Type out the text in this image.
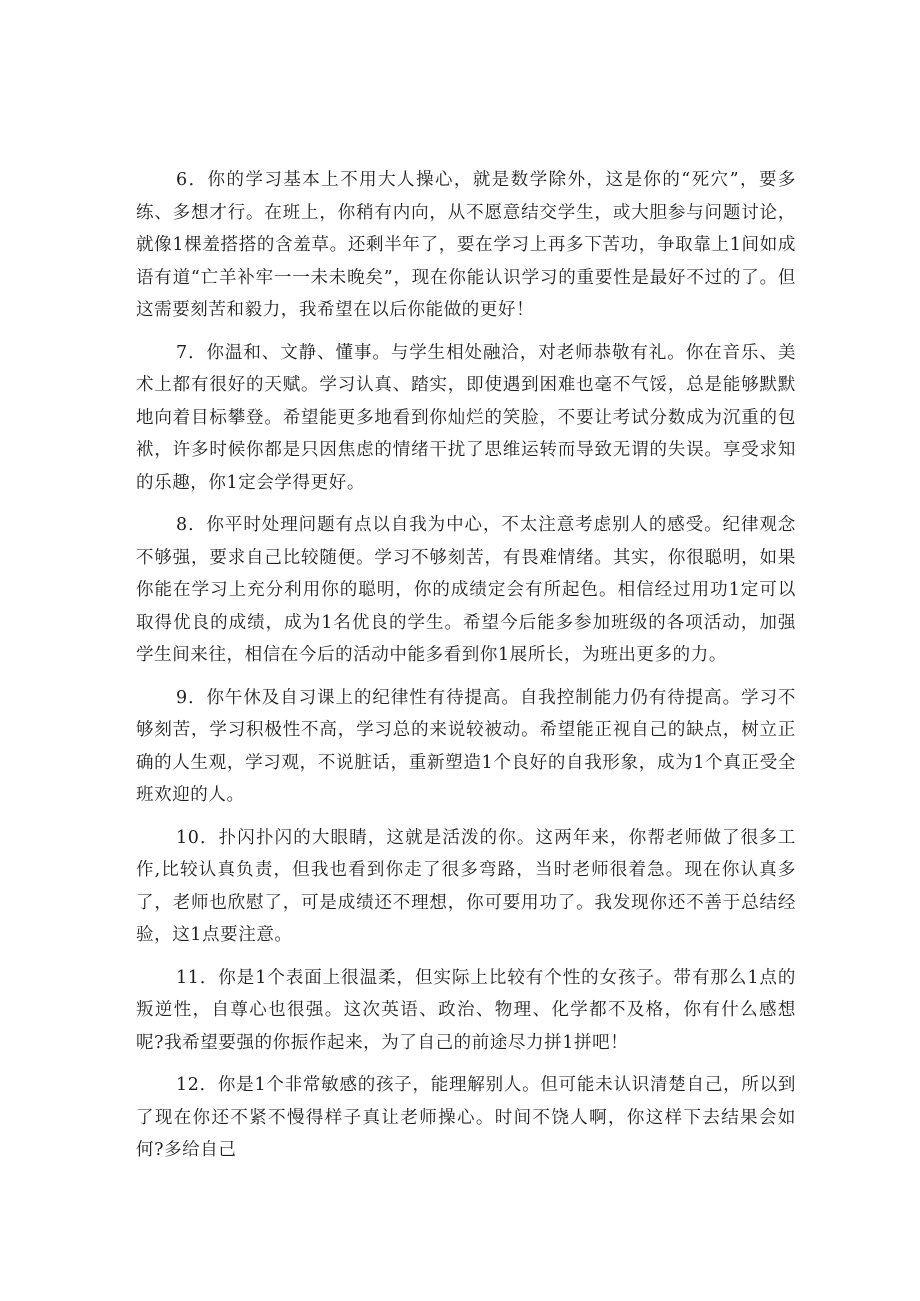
6．你的学习基本上不用大人操心，就是数学除外，这是你的“死穴”，要多练、多想才行。在班上，你稍有内向，从不愿意结交学生，或大胆参与问题讨论，就像1棵羞搭搭的含羞草。还剩半年了，要在学习上再多下苦功，争取靠上1间如成语有道“亡羊补牢一一未未晚矣”，现在你能认识学习的重要性是最好不过的了。但这需要刻苦和毅力，我希望在以后你能做的更好！

7．你温和、文静、懂事。与学生相处融洽，对老师恭敬有礼。你在音乐、美术上都有很好的天赋。学习认真、踏实，即使遇到困难也毫不气馁，总是能够默默地向着目标攀登。希望能更多地看到你灿烂的笑脸，不要让考试分数成为沉重的包袱，许多时候你都是只因焦虑的情绪干扰了思维运转而导致无谓的失误。享受求知的乐趣，你1定会学得更好。

8．你平时处理问题有点以自我为中心，不太注意考虑别人的感受。纪律观念不够强，要求自己比较随便。学习不够刻苦，有畏难情绪。其实，你很聪明，如果你能在学习上充分利用你的聪明，你的成绩定会有所起色。相信经过用功1定可以取得优良的成绩，成为1名优良的学生。希望今后能多参加班级的各项活动，加强学生间来往，相信在今后的活动中能多看到你1展所长，为班出更多的力。

9．你午休及自习课上的纪律性有待提高。自我控制能力仍有待提高。学习不够刻苦，学习积极性不高，学习总的来说较被动。希望能正视自己的缺点，树立正确的人生观，学习观，不说脏话，重新塑造1个良好的自我形象，成为1个真正受全班欢迎的人。

10．扑闪扑闪的大眼睛，这就是活泼的你。这两年来，你帮老师做了很多工作,比较认真负责，但我也看到你走了很多弯路，当时老师很着急。现在你认真多了，老师也欣慰了，可是成绩还不理想，你可要用功了。我发现你还不善于总结经验，这1点要注意。

11．你是1个表面上很温柔，但实际上比较有个性的女孩子。带有那么1点的叛逆性，自尊心也很强。这次英语、政治、物理、化学都不及格，你有什么感想呢?我希望要强的你振作起来，为了自己的前途尽力拼1拼吧！

12．你是1个非常敏感的孩子，能理解别人。但可能未认识清楚自己，所以到了现在你还不紧不慢得样子真让老师操心。时间不饶人啊，你这样下去结果会如何?多给自己
